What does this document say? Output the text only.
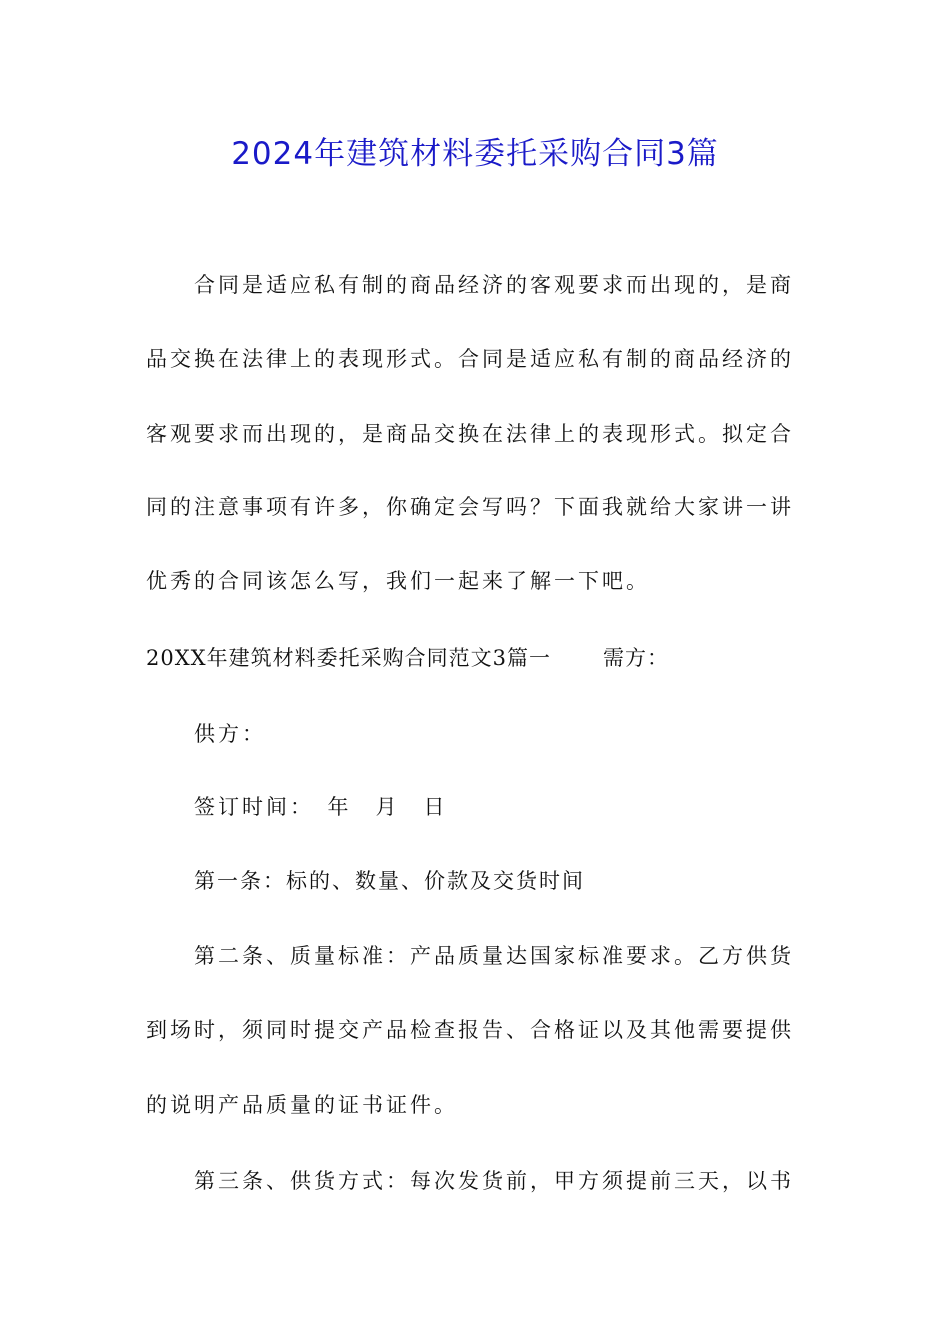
2024年建筑材料委托采购合同3篇
合同是适应私有制的商品经济的客观要求而出现的，是商
品交换在法律上的表现形式。合同是适应私有制的商品经济的
客观要求而出现的，是商品交换在法律上的表现形式。拟定合
同的注意事项有许多，你确定会写吗？下面我就给大家讲一讲
优秀的合同该怎么写，我们一起来了解一下吧。
20XX年建筑材料委托采购合同范文3篇一 需方：
供方：
签订时间：　年　月　日
第一条：标的、数量、价款及交货时间
第二条、质量标准：产品质量达国家标准要求。乙方供货
到场时，须同时提交产品检查报告、合格证以及其他需要提供
的说明产品质量的证书证件。
第三条、供货方式：每次发货前，甲方须提前三天，以书
